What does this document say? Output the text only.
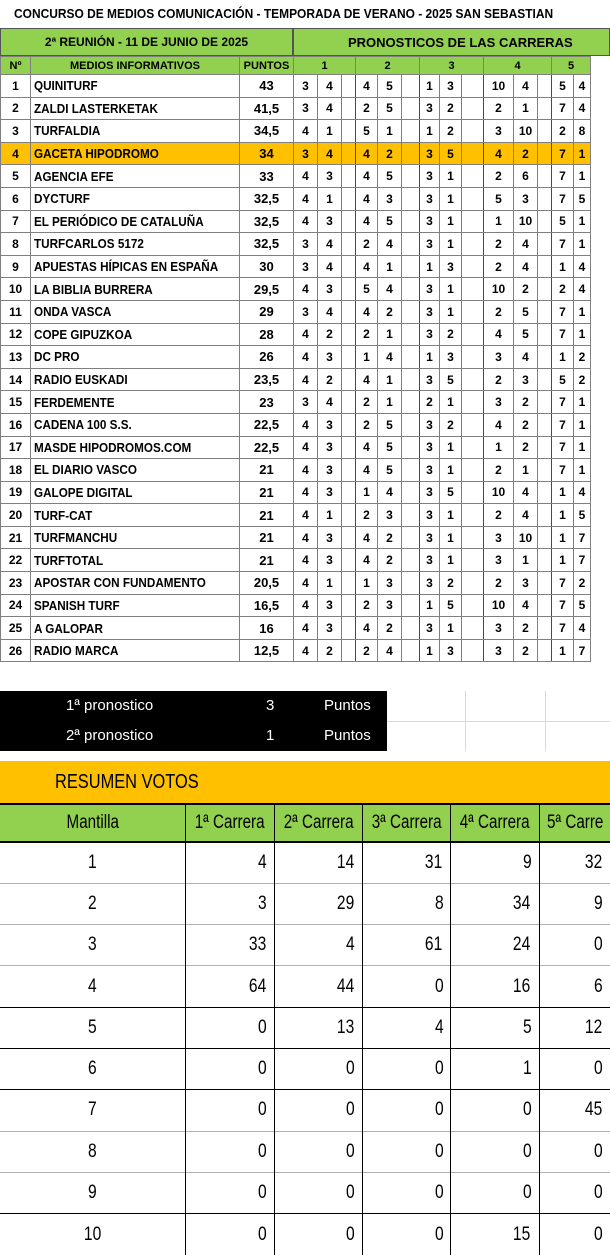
CONCURSO DE MEDIOS COMUNICACIÓN - TEMPORADA DE VERANO - 2025 SAN SEBASTIAN
2ª REUNIÓN - 11 DE JUNIO DE 2025	PRONOSTICOS DE LAS CARRERAS
Nº	MEDIOS INFORMATIVOS	PUNTOS	1			2			3			4			5	
1	QUINITURF	43	3	4		4	5		1	3		10	4		5	4
2	ZALDI LASTERKETAK	41,5	3	4		2	5		3	2		2	1		7	4
3	TURFALDIA	34,5	4	1		5	1		1	2		3	10		2	8
4	GACETA HIPODROMO	34	3	4		4	2		3	5		4	2		7	1
5	AGENCIA EFE	33	4	3		4	5		3	1		2	6		7	1
6	DYCTURF	32,5	4	1		4	3		3	1		5	3		7	5
7	EL PERIÓDICO DE CATALUÑA	32,5	4	3		4	5		3	1		1	10		5	1
8	TURFCARLOS 5172	32,5	3	4		2	4		3	1		2	4		7	1
9	APUESTAS HÍPICAS EN ESPAÑA	30	3	4		4	1		1	3		2	4		1	4
10	LA BIBLIA BURRERA	29,5	4	3		5	4		3	1		10	2		2	4
11	ONDA VASCA	29	3	4		4	2		3	1		2	5		7	1
12	COPE GIPUZKOA	28	4	2		2	1		3	2		4	5		7	1
13	DC PRO	26	4	3		1	4		1	3		3	4		1	2
14	RADIO EUSKADI	23,5	4	2		4	1		3	5		2	3		5	2
15	FERDEMENTE	23	3	4		2	1		2	1		3	2		7	1
16	CADENA 100 S.S.	22,5	4	3		2	5		3	2		4	2		7	1
17	MASDE HIPODROMOS.COM	22,5	4	3		4	5		3	1		1	2		7	1
18	EL DIARIO VASCO	21	4	3		4	5		3	1		2	1		7	1
19	GALOPE DIGITAL	21	4	3		1	4		3	5		10	4		1	4
20	TURF-CAT	21	4	1		2	3		3	1		2	4		1	5
21	TURFMANCHU	21	4	3		4	2		3	1		3	10		1	7
22	TURFTOTAL	21	4	3		4	2		3	1		3	1		1	7
23	APOSTAR CON FUNDAMENTO	20,5	4	1		1	3		3	2		2	3		7	2
24	SPANISH TURF	16,5	4	3		2	3		1	5		10	4		7	5
25	A GALOPAR	16	4	3		4	2		3	1		3	2		7	4
26	RADIO MARCA	12,5	4	2		2	4		1	3		3	2		1	7
1ª pronostico	3	Puntos
2ª pronostico	1	Puntos
RESUMEN VOTOS
Mantilla	1ª Carrera	2ª Carrera	3ª Carrera	4ª Carrera	5ª Carre
1	4	14	31	9	32
2	3	29	8	34	9
3	33	4	61	24	0
4	64	44	0	16	6
5	0	13	4	5	12
6	0	0	0	1	0
7	0	0	0	0	45
8	0	0	0	0	0
9	0	0	0	0	0
10	0	0	0	15	0
